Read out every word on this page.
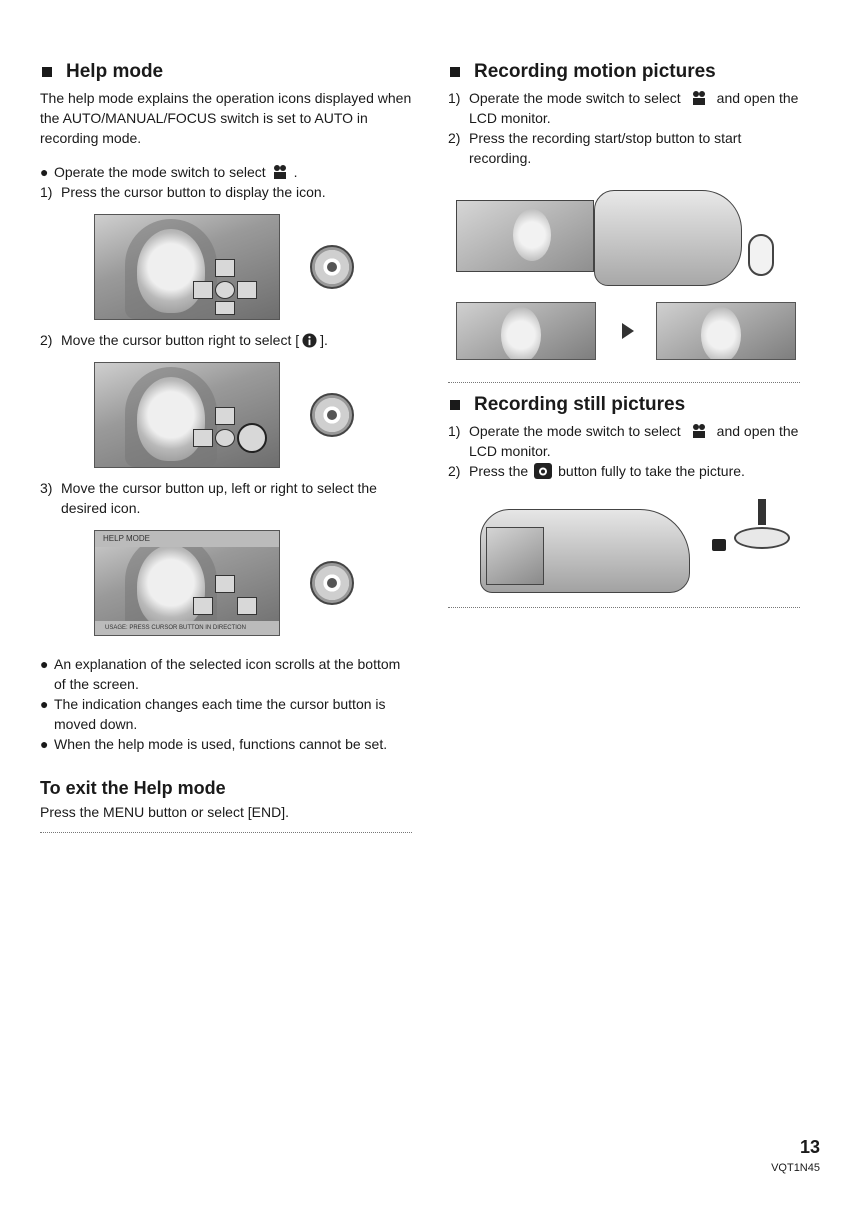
Help mode

The help mode explains the operation icons displayed when the AUTO/MANUAL/FOCUS switch is set to AUTO in recording mode.

● Operate the mode switch to select .
1) Press the cursor button to display the icon.
2) Move the cursor button right to select [ ].
3) Move the cursor button up, left or right to select the desired icon.
HELP MODE
USAGE: PRESS CURSOR BUTTON IN DIRECTION
● An explanation of the selected icon scrolls at the bottom of the screen.
● The indication changes each time the cursor button is moved down.
● When the help mode is used, functions cannot be set.
To exit the Help mode

Press the MENU button or select [END].

Recording motion pictures
1) Operate the mode switch to select	and open the LCD monitor.
2) Press the recording start/stop button to start recording.
Recording still pictures
1) Operate the mode switch to select	and open the LCD monitor.
2) Press the button fully to take the picture.
13
VQT1N45
